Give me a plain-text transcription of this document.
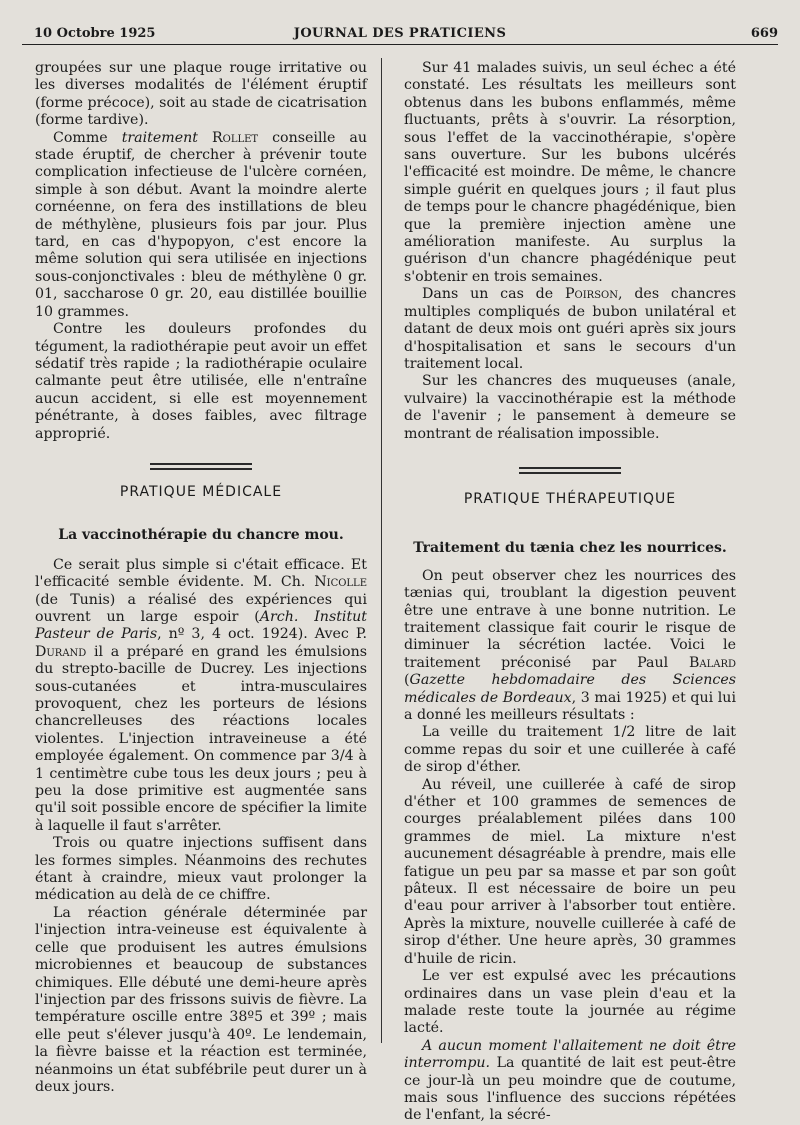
10 Octobre 1925	JOURNAL DES PRATICIENS	669

groupées sur une plaque rouge irritative ou les diverses modalités de l'élément éruptif (forme précoce), soit au stade de cicatrisation (forme tardive).

Comme traitement Rollet conseille au stade éruptif, de chercher à prévenir toute complication infectieuse de l'ulcère cornéen, simple à son début. Avant la moindre alerte cornéenne, on fera des instillations de bleu de méthylène, plusieurs fois par jour. Plus tard, en cas d'hypopyon, c'est encore la même solution qui sera utilisée en injections sous-conjonctivales : bleu de méthylène 0 gr. 01, saccharose 0 gr. 20, eau distillée bouillie 10 grammes.

Contre les douleurs profondes du tégument, la radiothérapie peut avoir un effet sédatif très rapide ; la radiothérapie oculaire calmante peut être utilisée, elle n'entraîne aucun accident, si elle est moyennement pénétrante, à doses faibles, avec filtrage approprié.

PRATIQUE MÉDICALE
La vaccinothérapie du chancre mou.

Ce serait plus simple si c'était efficace. Et l'efficacité semble évidente. M. Ch. Nicolle (de Tunis) a réalisé des expériences qui ouvrent un large espoir (Arch. Institut Pasteur de Paris, nº 3, 4 oct. 1924). Avec P. Durand il a préparé en grand les émulsions du strepto-bacille de Ducrey. Les injections sous-cutanées et intra-musculaires provoquent, chez les porteurs de lésions chancrelleuses des réactions locales violentes. L'injection intraveineuse a été employée également. On commence par 3/4 à 1 centimètre cube tous les deux jours ; peu à peu la dose primitive est augmentée sans qu'il soit possible encore de spécifier la limite à laquelle il faut s'arrêter.

Trois ou quatre injections suffisent dans les formes simples. Néanmoins des rechutes étant à craindre, mieux vaut prolonger la médication au delà de ce chiffre.

La réaction générale déterminée par l'injection intra-veineuse est équivalente à celle que produisent les autres émulsions microbiennes et beaucoup de substances chimiques. Elle débuté une demi-heure après l'injection par des frissons suivis de fièvre. La température oscille entre 38º5 et 39º ; mais elle peut s'élever jusqu'à 40º. Le lendemain, la fièvre baisse et la réaction est terminée, néanmoins un état subfébrile peut durer un à deux jours.

Sur 41 malades suivis, un seul échec a été constaté. Les résultats les meilleurs sont obtenus dans les bubons enflammés, même fluctuants, prêts à s'ouvrir. La résorption, sous l'effet de la vaccinothérapie, s'opère sans ouverture. Sur les bubons ulcérés l'efficacité est moindre. De même, le chancre simple guérit en quelques jours ; il faut plus de temps pour le chancre phagédénique, bien que la première injection amène une amélioration manifeste. Au surplus la guérison d'un chancre phagédénique peut s'obtenir en trois semaines.

Dans un cas de Poirson, des chancres multiples compliqués de bubon unilatéral et datant de deux mois ont guéri après six jours d'hospitalisation et sans le secours d'un traitement local.

Sur les chancres des muqueuses (anale, vulvaire) la vaccinothérapie est la méthode de l'avenir ; le pansement à demeure se montrant de réalisation impossible.

PRATIQUE THÉRAPEUTIQUE
Traitement du tænia chez les nourrices.

On peut observer chez les nourrices des tænias qui, troublant la digestion peuvent être une entrave à une bonne nutrition. Le traitement classique fait courir le risque de diminuer la sécrétion lactée. Voici le traitement préconisé par Paul Balard (Gazette hebdomadaire des Sciences médicales de Bordeaux, 3 mai 1925) et qui lui a donné les meilleurs résultats :

La veille du traitement 1/2 litre de lait comme repas du soir et une cuillerée à café de sirop d'éther.

Au réveil, une cuillerée à café de sirop d'éther et 100 grammes de semences de courges préalablement pilées dans 100 grammes de miel. La mixture n'est aucunement désagréable à prendre, mais elle fatigue un peu par sa masse et par son goût pâteux. Il est nécessaire de boire un peu d'eau pour arriver à l'absorber tout entière. Après la mixture, nouvelle cuillerée à café de sirop d'éther. Une heure après, 30 grammes d'huile de ricin.

Le ver est expulsé avec les précautions ordinaires dans un vase plein d'eau et la malade reste toute la journée au régime lacté.

A aucun moment l'allaitement ne doit être interrompu. La quantité de lait est peut-être ce jour-là un peu moindre que de coutume, mais sous l'influence des succions répétées de l'enfant, la sécré-
